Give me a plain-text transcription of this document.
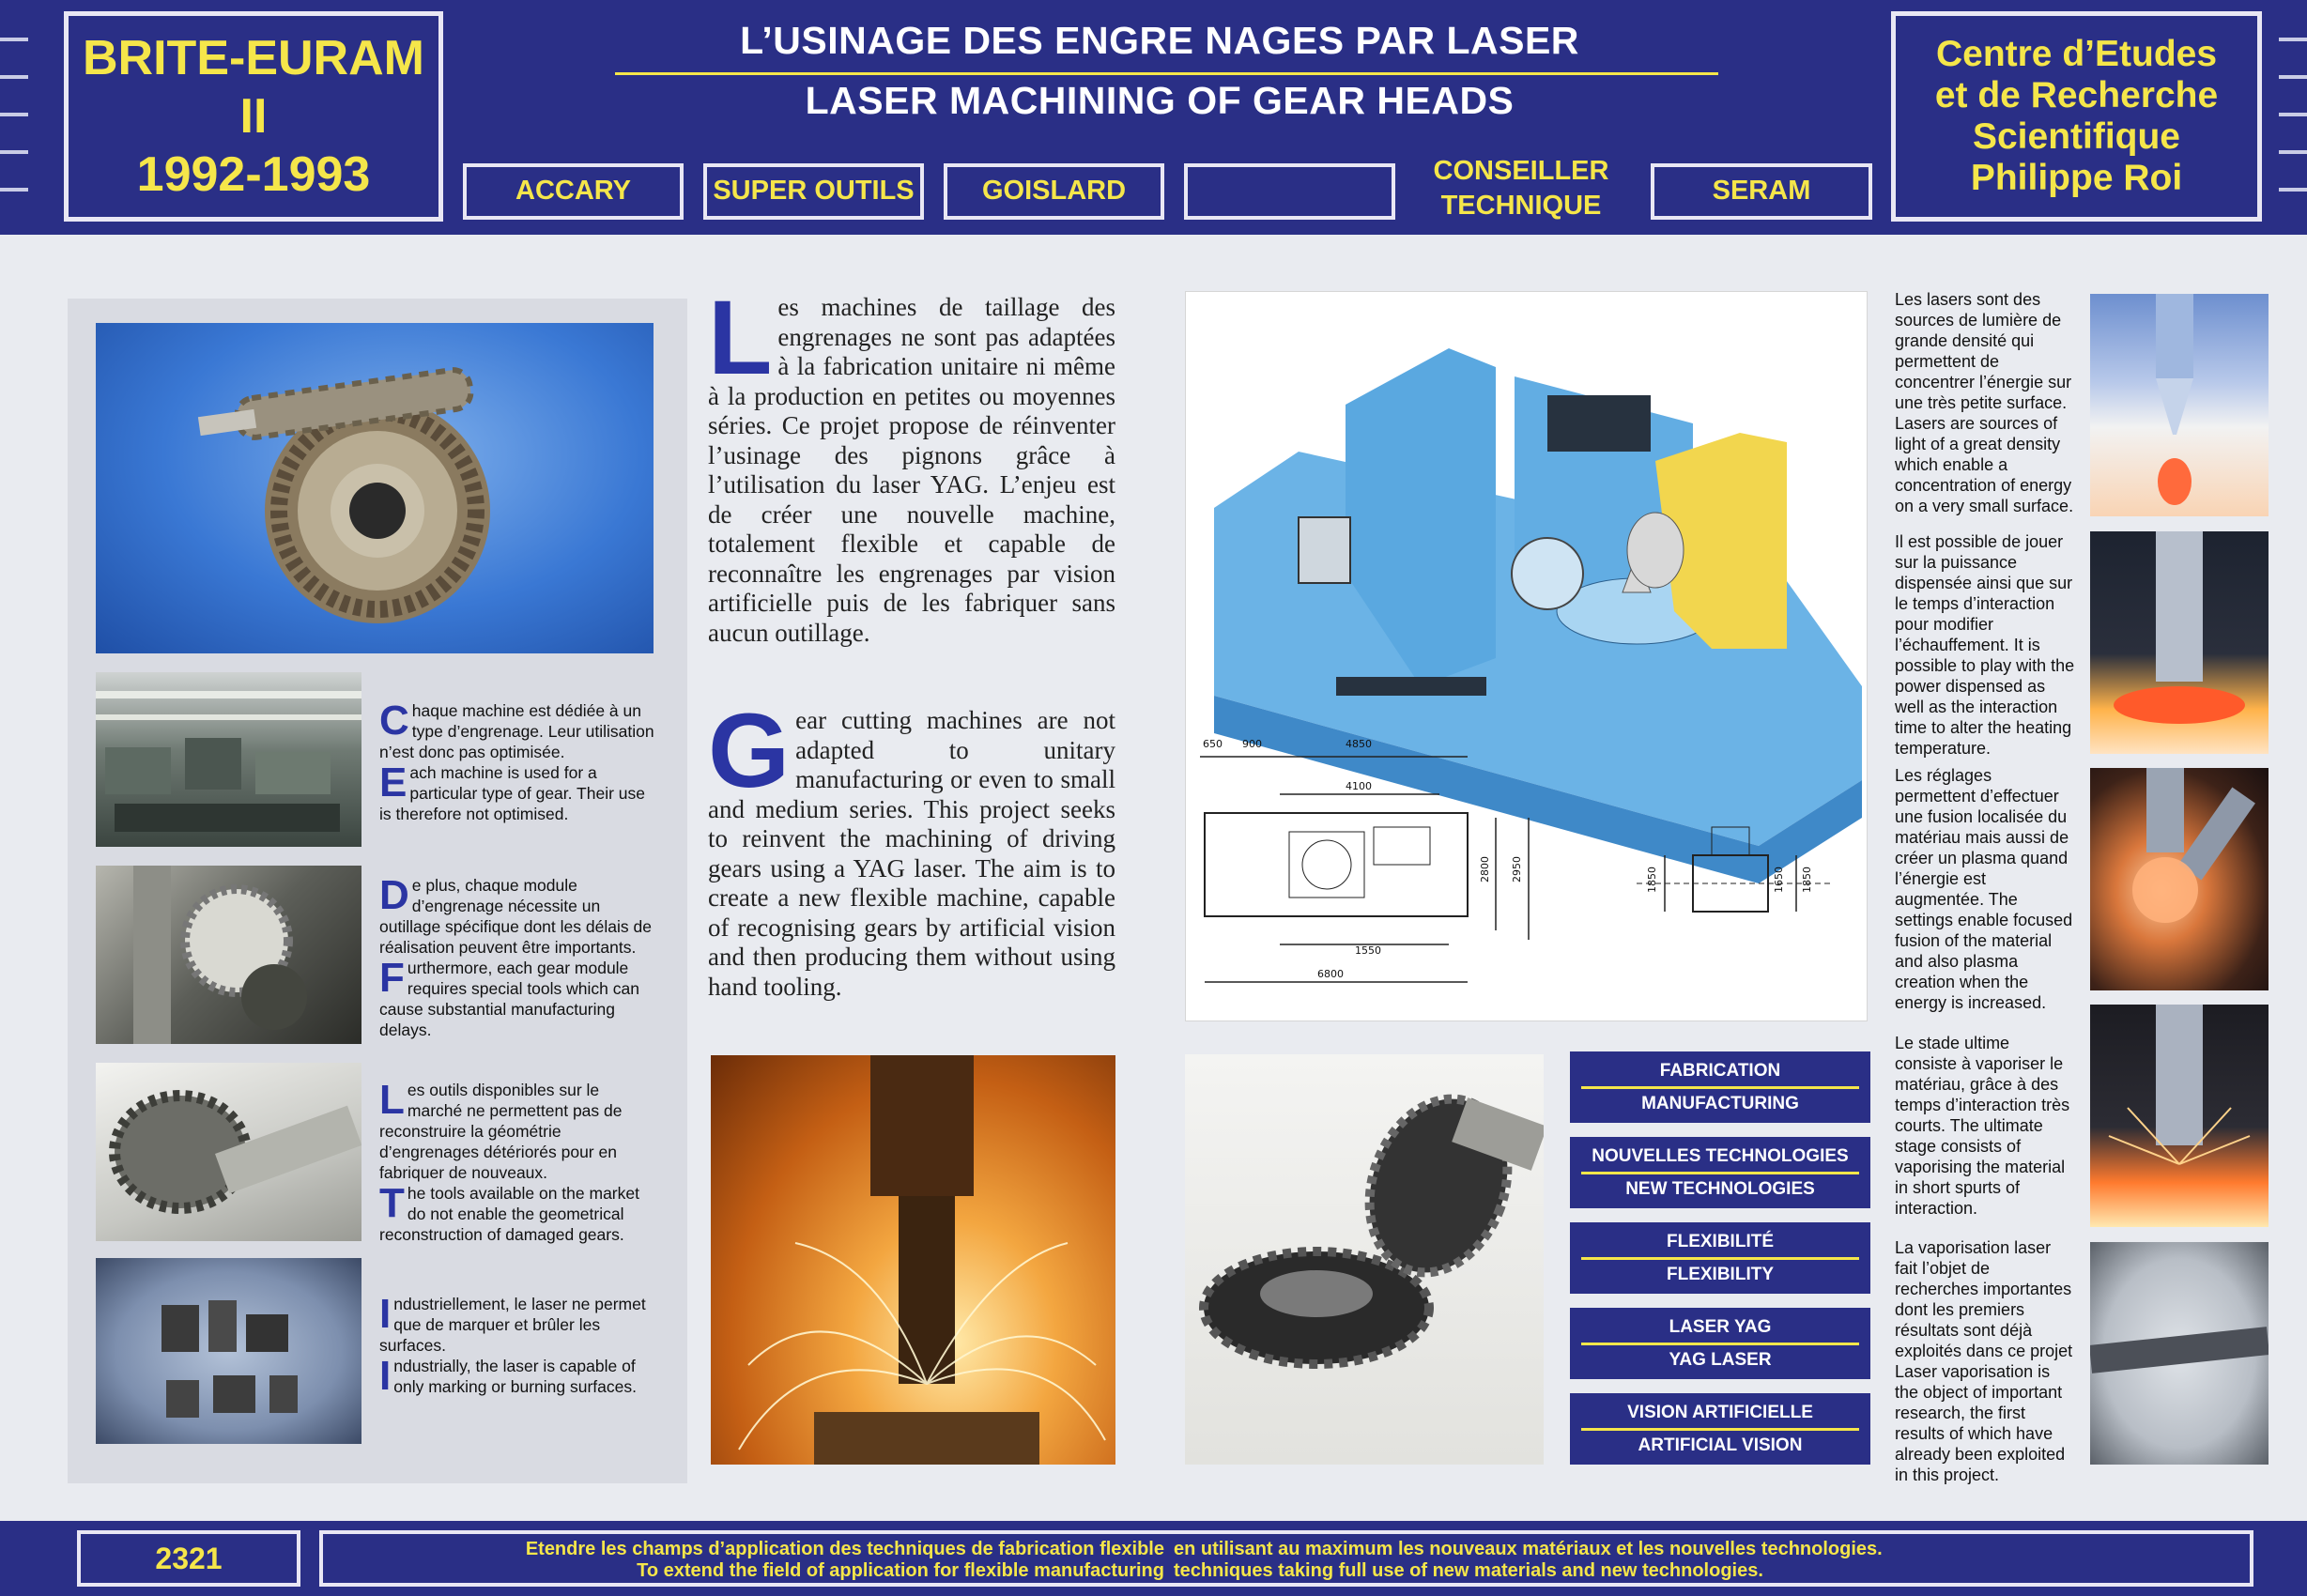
BRITE-EURAM II
1992-1993
L’USINAGE DES ENGRE NAGES PAR LASER
LASER MACHINING OF GEAR HEADS
ACCARY	SUPER OUTILS	GOISLARD
CONSEILLER TECHNIQUE	SERAM
Centre d’Etudes
et de Recherche
Scientifique
Philippe Roi
Chaque machine est dédiée à un type d’engrenage. Leur utilisation n’est donc pas optimisée.

E ach machine is used for a particular type of gear. Their use is therefore not optimised.
De plus, chaque module d’engrenage nécessite un outillage spécifique dont les délais de réalisation peuvent être importants.

F urthermore, each gear module requires special tools which can cause substantial manufacturing delays.
Les outils disponibles sur le marché ne permettent pas de reconstruire la géométrie d’engrenages détériorés pour en fabriquer de nouveaux.

T he tools available on the market do not enable the geometrical reconstruction of damaged gears.
Industriellement, le laser ne permet que de marquer et brûler les surfaces.

I ndustrially, the laser is capable of only marking or burning surfaces.
Les machines de taillage des engrenages ne sont pas adaptées à la fabrication unitaire ni même à la production en petites ou moyennes séries. Ce projet propose de réinventer l’usinage des pignons grâce à l’utilisation du laser YAG. L’enjeu est de créer une nouvelle machine, totalement flexible et capable de reconnaître les engrenages par vision artificielle puis de les fabriquer sans aucun outillage.
Gear cutting machines are not adapted to unitary manufacturing or even to small and medium series. This project seeks to reinvent the machining of driving gears using a YAG laser. The aim is to create a new flexible machine, capable of recognising gears by artificial vision and then producing them without using hand tooling.
650 900	4850
4100
2800 2950
1550
6800
1850	1650 1850
FABRICATION
MANUFACTURING
NOUVELLES TECHNOLOGIES
NEW TECHNOLOGIES
FLEXIBILITÉ
FLEXIBILITY
LASER YAG
YAG LASER
VISION ARTIFICIELLE
ARTIFICIAL VISION
Les lasers sont des sources de lumière de grande densité qui permettent de concentrer l’énergie sur une très petite surface. Lasers are sources of light of a great density which enable a concentration of energy on a very small surface.
Il est possible de jouer sur la puissance dispensée ainsi que sur le temps d’interaction pour modifier l’échauffement. It is possible to play with the power dispensed as well as the interaction time to alter the heating temperature.
Les réglages permettent d’effectuer une fusion localisée du matériau mais aussi de créer un plasma quand l’énergie est augmentée. The settings enable focused fusion of the material and also plasma creation when the energy is increased.
Le stade ultime consiste à vaporiser le matériau, grâce à des temps d’interaction très courts. The ultimate stage consists of vaporising the material in short spurts of interaction.
La vaporisation laser fait l’objet de recherches importantes dont les premiers résultats sont déjà exploités dans ce projet Laser vaporisation is the object of important research, the first results of which have already been exploited in this project.
2321	Etendre les champs d’application des techniques de fabrication flexible en utilisant au maximum les nouveaux matériaux et les nouvelles technologies.
To extend the field of application for flexible manufacturing techniques taking full use of new materials and new technologies.
